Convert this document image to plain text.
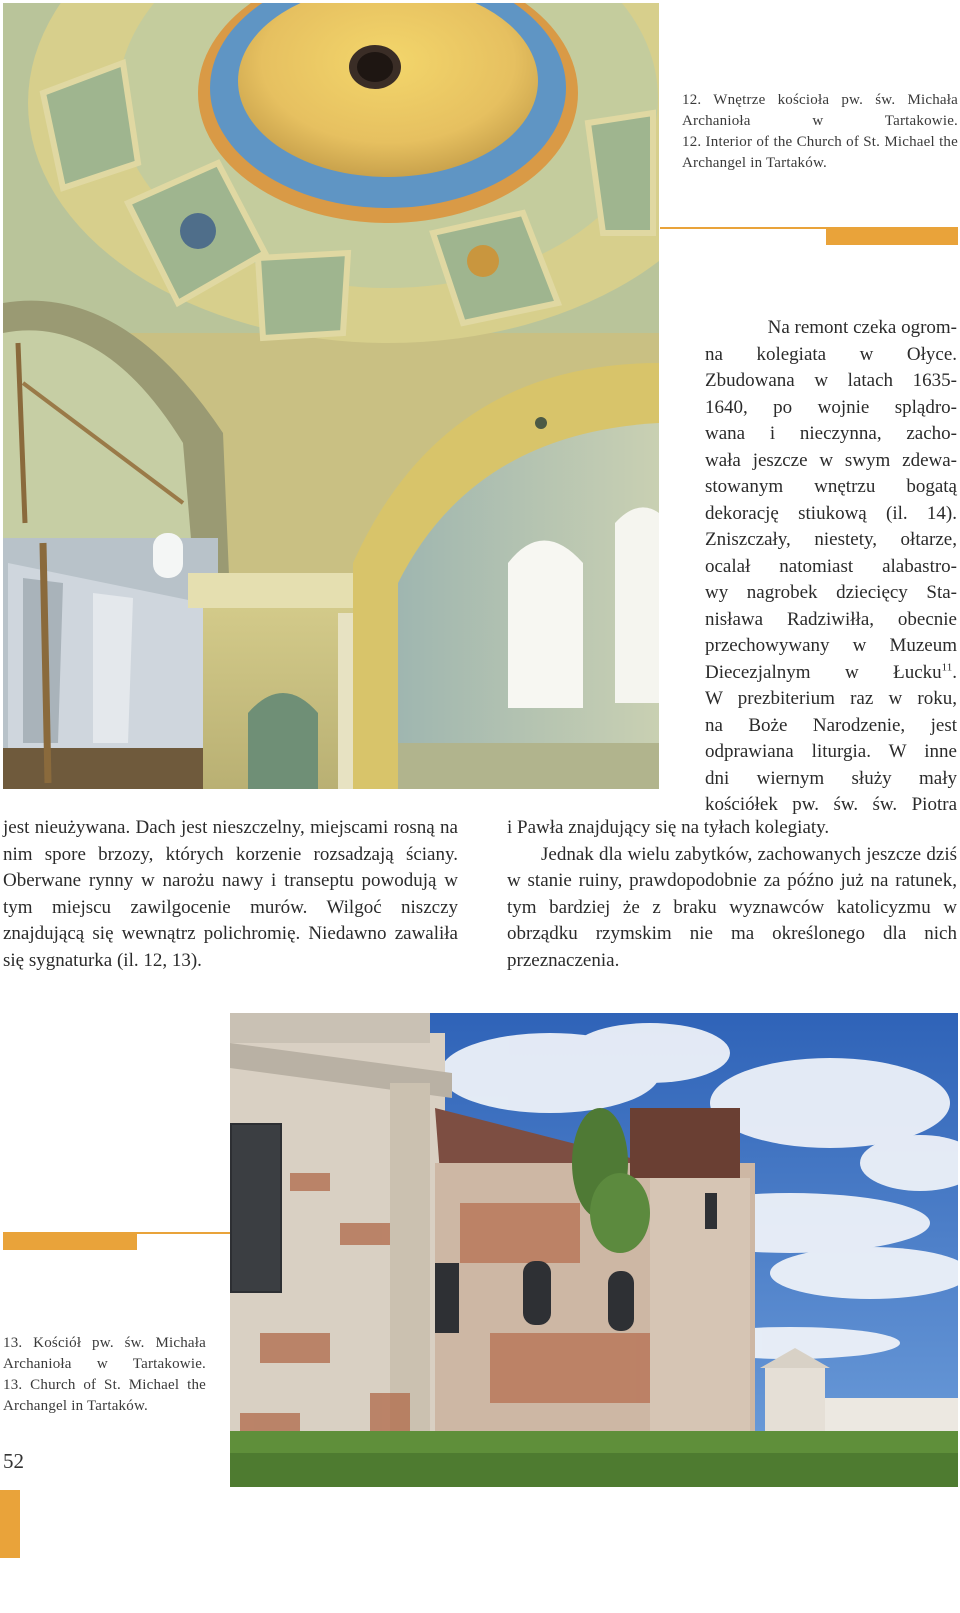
12. Wnętrze kościoła pw. św. Michała Archanioła w Tartakowie.

12. Interior of the Church of St. Michael the Archangel in Tartaków.

Na remont czeka ogrom-

na kolegiata w Ołyce.

Zbudowana w latach 1635-

1640, po wojnie splądro-

wana i nieczynna, zacho-

wała jeszcze w swym zdewa-

stowanym wnętrzu bogatą

dekorację stiukową (il. 14).

Zniszczały, niestety, ołtarze,

ocalał natomiast alabastro-

wy nagrobek dziecięcy Sta-

nisława Radziwiłła, obecnie

przechowywany w Muzeum

Diecezjalnym w Łucku$^{11}$.

W prezbiterium raz w roku,

na Boże Narodzenie, jest

odprawiana liturgia. W inne

dni wiernym służy mały

kościółek pw. św. św. Piotra

jest nieużywana. Dach jest nieszczelny, miejscami rosną na nim spore brzozy, których korzenie rozsadzają ściany. Oberwane rynny w narożu nawy i transeptu powodują w tym miejscu zawilgocenie murów. Wilgoć niszczy znajdującą się wewnątrz polichromię. Niedawno zawaliła się sygnaturka (il. 12, 13).

i Pawła znajdujący się na tyłach kolegiaty.

Jednak dla wielu zabytków, zachowanych jeszcze dziś w stanie ruiny, prawdopodobnie za późno już na ratunek, tym bardziej że z braku wyznawców katolicyzmu w obrządku rzymskim nie ma określonego dla nich przeznaczenia.

13. Kościół pw. św. Michała Archanioła w Tartakowie.

13. Church of St. Michael the Archangel in Tartaków.

52
